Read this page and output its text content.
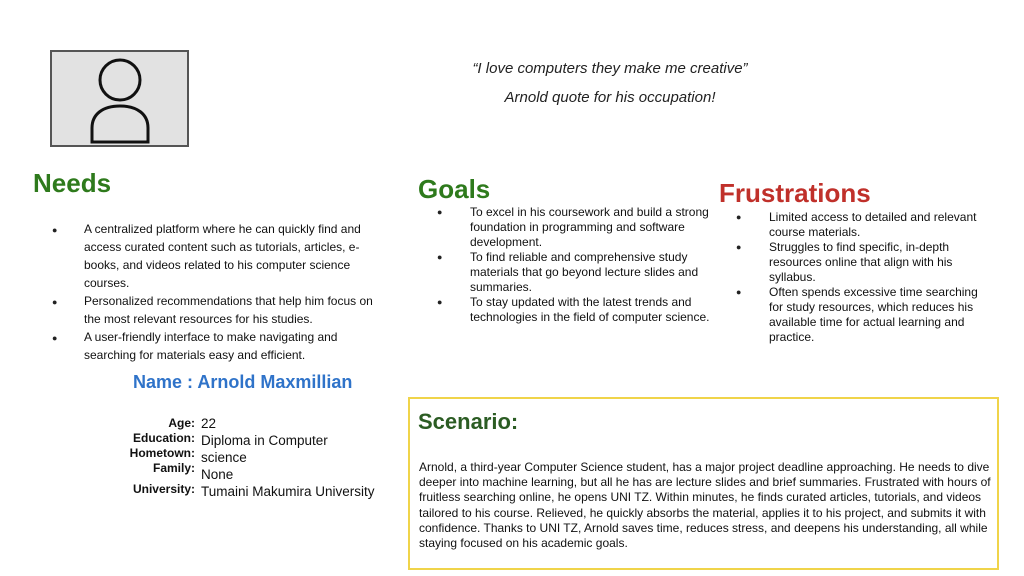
“I love computers they make me creative”
Arnold quote for his occupation!
Needs
● A centralized platform where he can quickly find and access curated content such as tutorials, articles, e-books, and videos related to his computer science courses.
● Personalized recommendations that help him focus on the most relevant resources for his studies.
● A user-friendly interface to make navigating and searching for materials easy and efficient.
Goals
● To excel in his coursework and build a strong foundation in programming and software development.
● To find reliable and comprehensive study materials that go beyond lecture slides and summaries.
● To stay updated with the latest trends and technologies in the field of computer science.
Frustrations
● Limited access to detailed and relevant course materials.
● Struggles to find specific, in-depth resources online that align with his syllabus.
● Often spends excessive time searching for study resources, which reduces his available time for actual learning and practice.
Name : Arnold Maxmillian
Age:
Education:
Hometown:
Family:
University:
22
Diploma in Computer
science
None
Tumaini Makumira University
Scenario:
Arnold, a third-year Computer Science student, has a major project deadline approaching. He needs to dive deeper into machine learning, but all he has are lecture slides and brief summaries. Frustrated with hours of fruitless searching online, he opens UNI TZ. Within minutes, he finds curated articles, tutorials, and videos tailored to his course. Relieved, he quickly absorbs the material, applies it to his project, and submits it with confidence. Thanks to UNI TZ, Arnold saves time, reduces stress, and deepens his understanding, all while staying focused on his academic goals.
